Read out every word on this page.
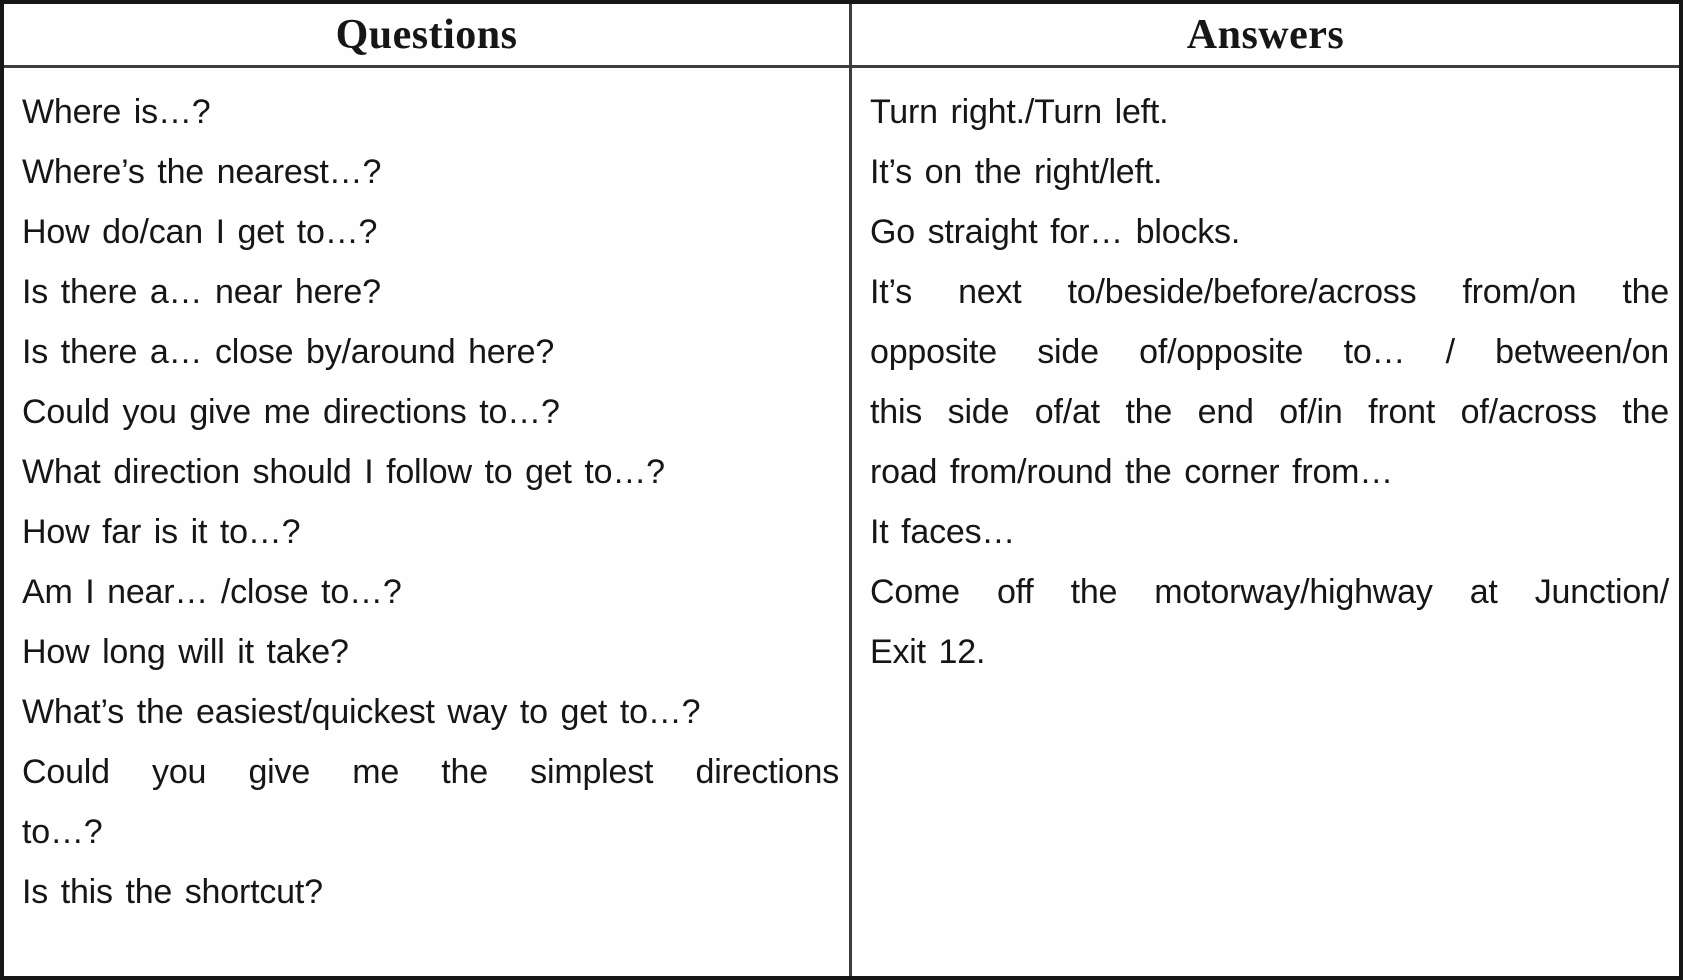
Questions	Answers
Where is…?
Where’s the nearest…?
How do/can I get to…?
Is there a… near here?
Is there a… close by/around here?
Could you give me directions to…?
What direction should I follow to get to…?
How far is it to…?
Am I near… /close to…?
How long will it take?
What’s the easiest/quickest way to get to…?
Could you give me the simplest directions
to…?
Is this the shortcut?
Turn right./Turn left.
It’s on the right/left.
Go straight for… blocks.
It’s next to/beside/before/across from/on the
opposite side of/opposite to… / between/on
this side of/at the end of/in front of/across the
road from/round the corner from…
It faces…
Come off the motorway/highway at Junction/
Exit 12.
